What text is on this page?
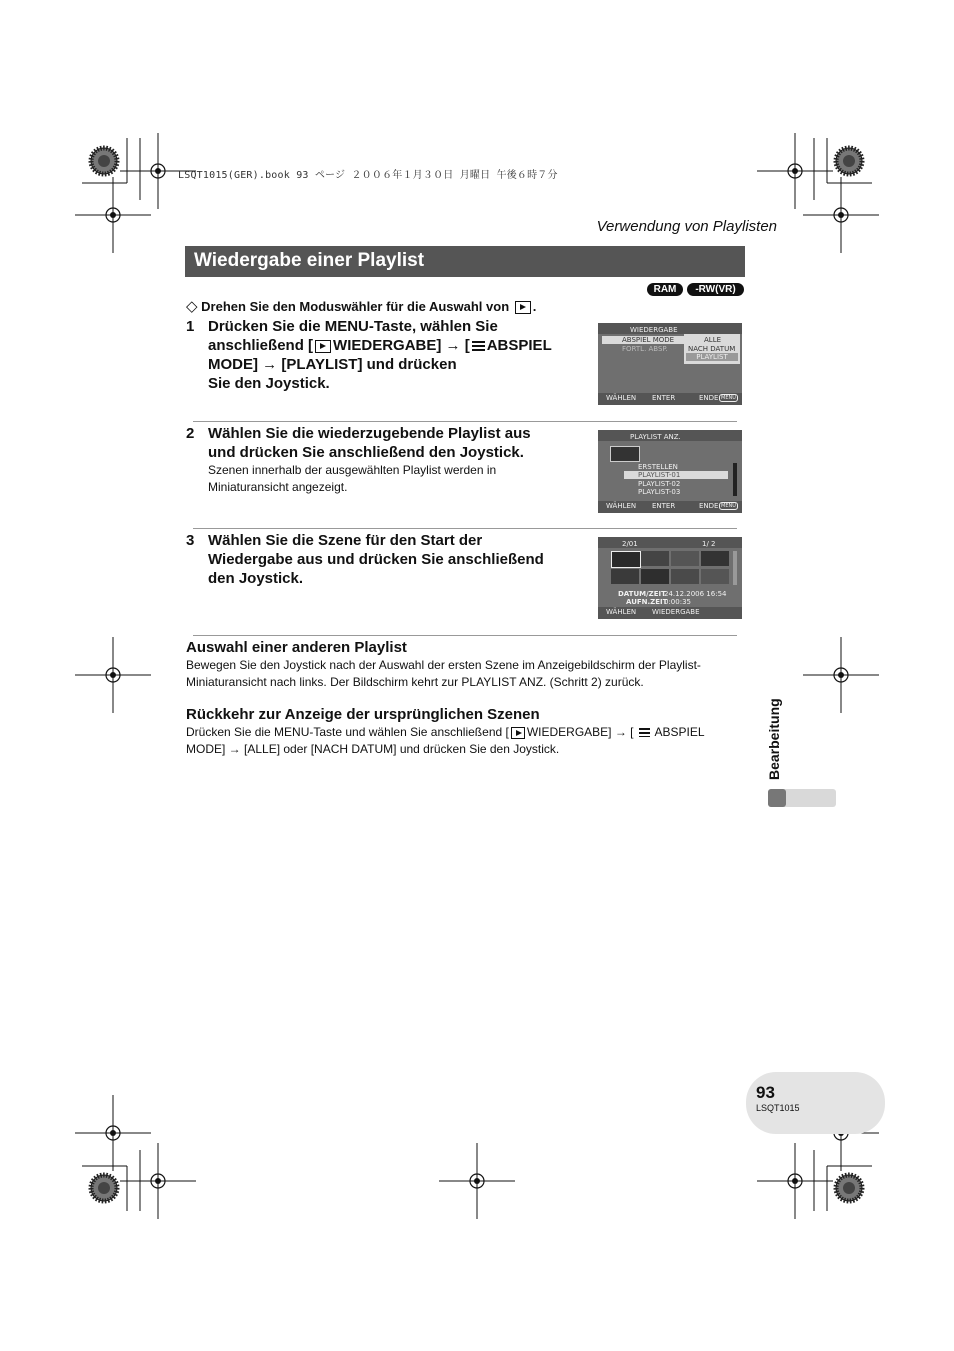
LSQT1015(GER).book 93 ページ ２００６年１月３０日 月曜日 午後６時７分
Verwendung von Playlisten
Wiedergabe einer Playlist
RAM	-RW(VR)
◇ Drehen Sie den Moduswähler für die Auswahl von .
1 Drücken Sie die MENU-Taste, wählen Sie
anschließend [ WIEDERGABE] → [ ABSPIEL
MODE] → [PLAYLIST] und drücken
Sie den Joystick.
WIEDERGABE
ABSPIEL MODE
FORTL. ABSP.
ALLE
NACH DATUM
PLAYLIST
WÄHLEN ENTER	ENDE MENU
2 Wählen Sie die wiederzugebende Playlist aus
und drücken Sie anschließend den Joystick.
Szenen innerhalb der ausgewählten Playlist werden in
Miniaturansicht angezeigt.
PLAYLIST ANZ.
ERSTELLEN
PLAYLIST-01
PLAYLIST-02
PLAYLIST-03
WÄHLEN ENTER	ENDE MENU
3 Wählen Sie die Szene für den Start der
Wiedergabe aus und drücken Sie anschließend
den Joystick.
2/01	1/ 2
DATUM/ZEIT
24.12.2006 16:54
AUFN.ZEIT
0:00:35
WÄHLEN WIEDERGABE
Auswahl einer anderen Playlist
Bewegen Sie den Joystick nach der Auswahl der ersten Szene im Anzeigebildschirm der Playlist-
Miniaturansicht nach links. Der Bildschirm kehrt zur PLAYLIST ANZ. (Schritt 2) zurück.
Rückkehr zur Anzeige der ursprünglichen Szenen
Drücken Sie die MENU-Taste und wählen Sie anschließend [ WIEDERGABE] → [ ABSPIEL
MODE] → [ALLE] oder [NACH DATUM] und drücken Sie den Joystick.	Bearbeitung
93
LSQT1015
